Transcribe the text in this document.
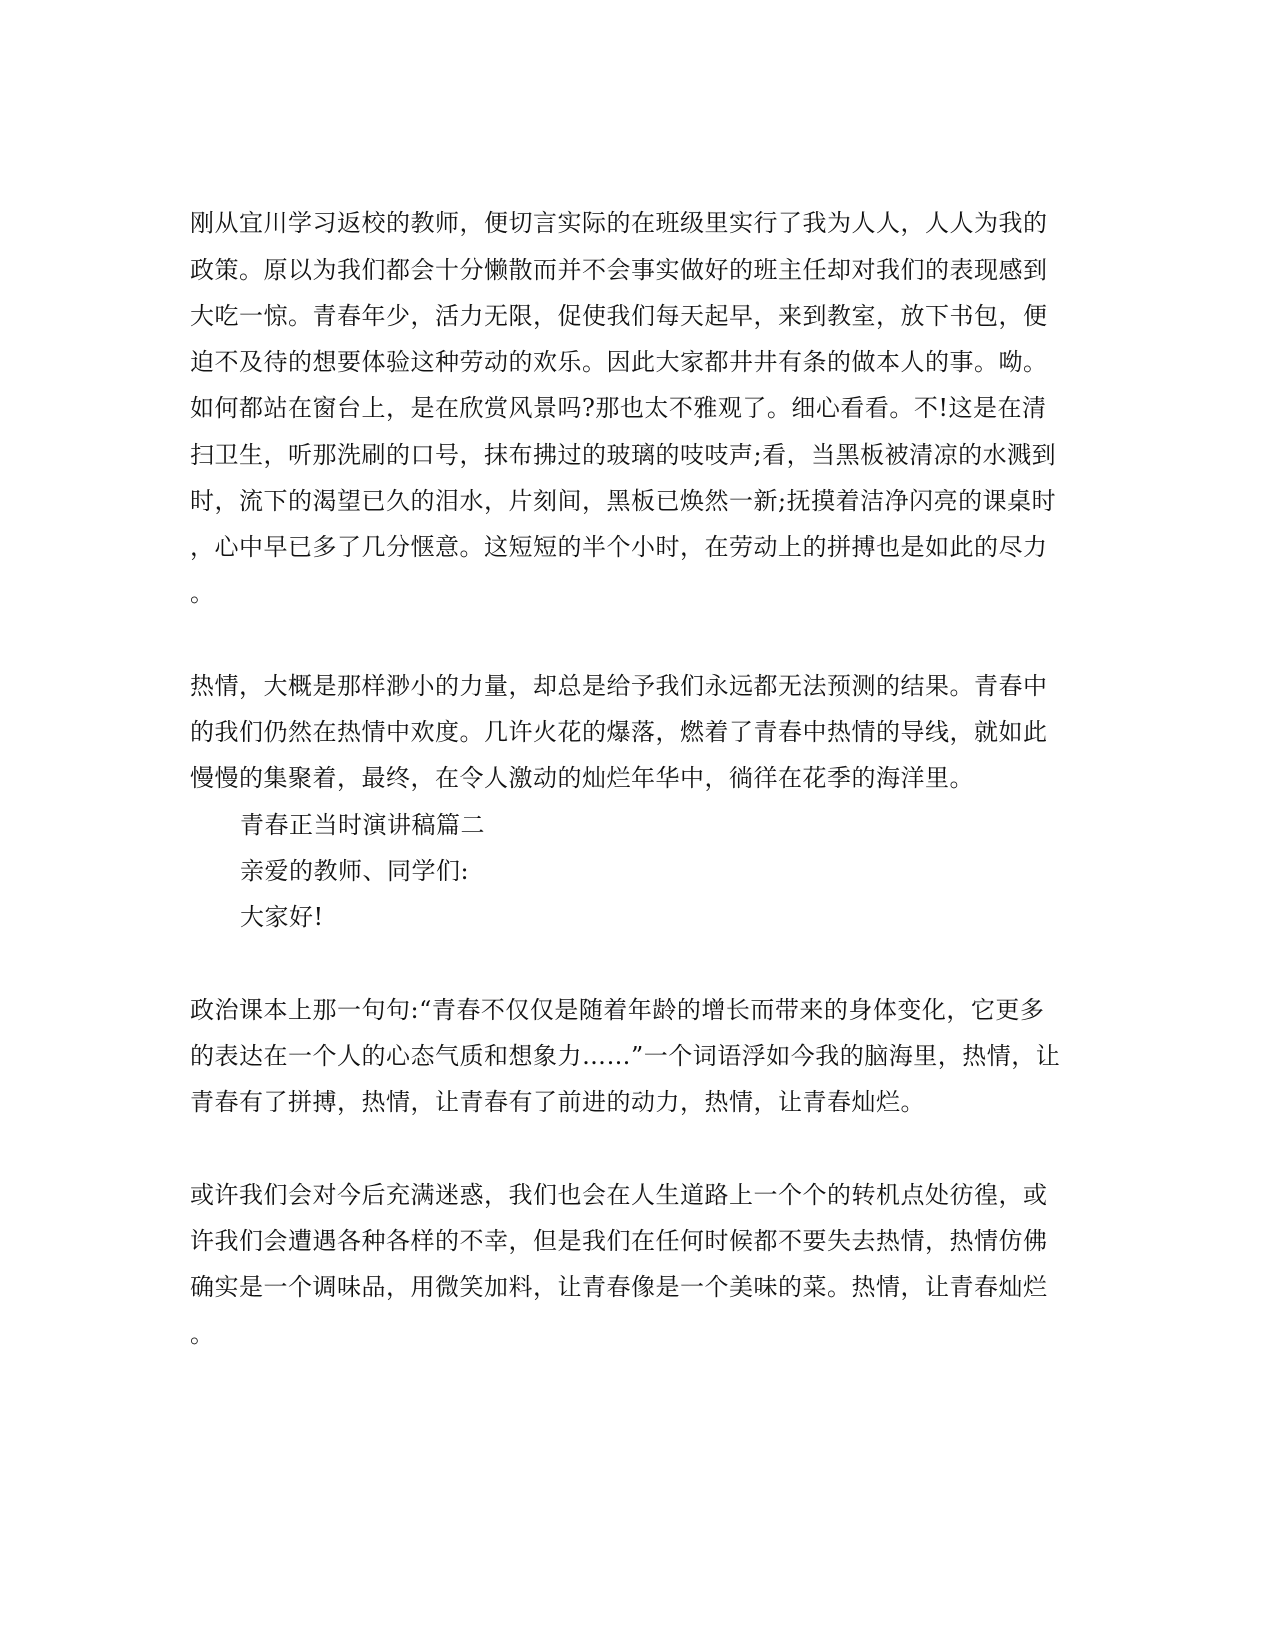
刚从宜川学习返校的教师，便切言实际的在班级里实行了我为人人，人人为我的
政策。原以为我们都会十分懒散而并不会事实做好的班主任却对我们的表现感到
大吃一惊。青春年少，活力无限，促使我们每天起早，来到教室，放下书包，便
迫不及待的想要体验这种劳动的欢乐。因此大家都井井有条的做本人的事。呦。
如何都站在窗台上，是在欣赏风景吗?那也太不雅观了。细心看看。不!这是在清
扫卫生，听那洗刷的口号，抹布拂过的玻璃的吱吱声;看，当黑板被清凉的水溅到
时，流下的渴望已久的泪水，片刻间，黑板已焕然一新;抚摸着洁净闪亮的课桌时
，心中早已多了几分惬意。这短短的半个小时，在劳动上的拼搏也是如此的尽力
。
热情，大概是那样渺小的力量，却总是给予我们永远都无法预测的结果。青春中
的我们仍然在热情中欢度。几许火花的爆落，燃着了青春中热情的导线，就如此
慢慢的集聚着，最终，在令人激动的灿烂年华中，徜徉在花季的海洋里。
青春正当时演讲稿篇二
亲爱的教师、同学们:
大家好!
政治课本上那一句句:“青春不仅仅是随着年龄的增长而带来的身体变化，它更多
的表达在一个人的心态气质和想象力……”一个词语浮如今我的脑海里，热情，让
青春有了拼搏，热情，让青春有了前进的动力，热情，让青春灿烂。
或许我们会对今后充满迷惑，我们也会在人生道路上一个个的转机点处彷徨，或
许我们会遭遇各种各样的不幸，但是我们在任何时候都不要失去热情，热情仿佛
确实是一个调味品，用微笑加料，让青春像是一个美味的菜。热情，让青春灿烂
。
